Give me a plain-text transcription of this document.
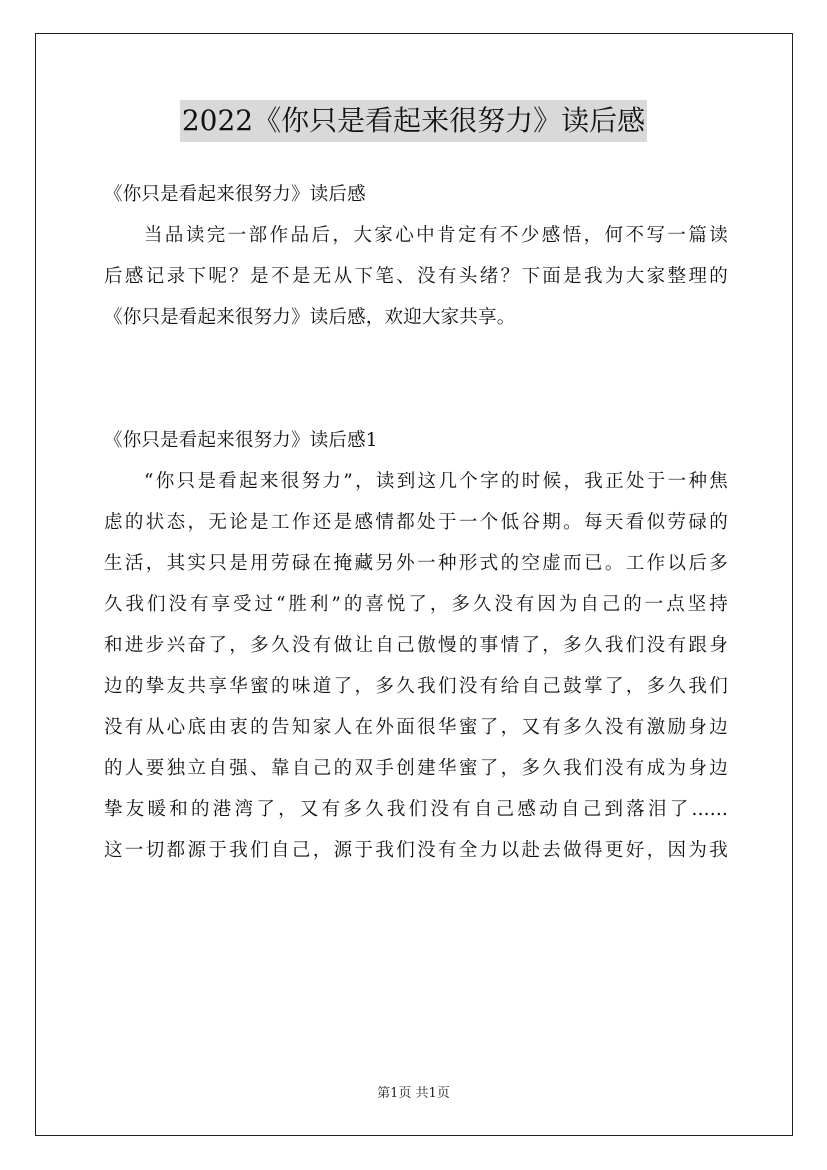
2022《你只是看起来很努力》读后感
《你只是看起来很努力》读后感
当品读完一部作品后，大家心中肯定有不少感悟，何不写一篇读
后感记录下呢？是不是无从下笔、没有头绪？下面是我为大家整理的
《你只是看起来很努力》读后感，欢迎大家共享。
《你只是看起来很努力》读后感1
“你只是看起来很努力”，读到这几个字的时候，我正处于一种焦
虑的状态，无论是工作还是感情都处于一个低谷期。每天看似劳碌的
生活，其实只是用劳碌在掩藏另外一种形式的空虚而已。工作以后多
久我们没有享受过“胜利”的喜悦了，多久没有因为自己的一点坚持
和进步兴奋了，多久没有做让自己傲慢的事情了，多久我们没有跟身
边的挚友共享华蜜的味道了，多久我们没有给自己鼓掌了，多久我们
没有从心底由衷的告知家人在外面很华蜜了，又有多久没有激励身边
的人要独立自强、靠自己的双手创建华蜜了，多久我们没有成为身边
挚友暖和的港湾了，又有多久我们没有自己感动自己到落泪了......
这一切都源于我们自己，源于我们没有全力以赴去做得更好，因为我
第1页 共1页
